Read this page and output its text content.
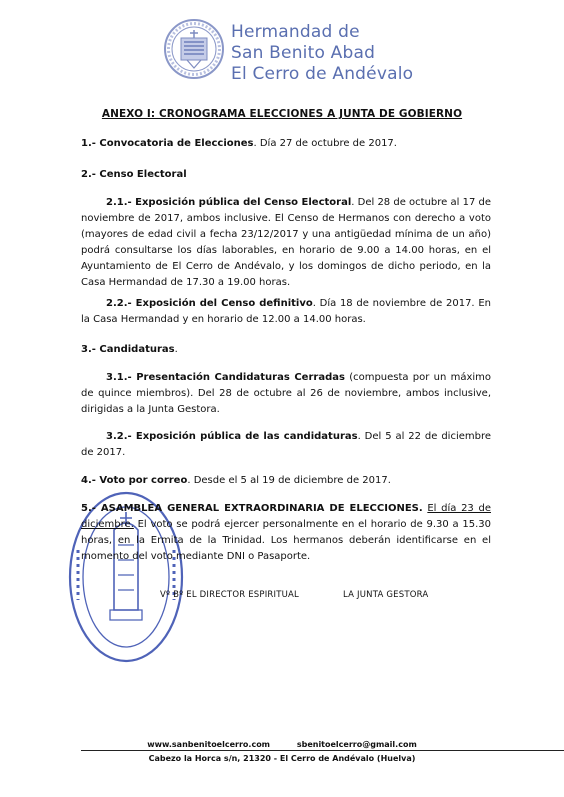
Hermandad de
San Benito Abad
El Cerro de Andévalo
ANEXO I: CRONOGRAMA ELECCIONES A JUNTA DE GOBIERNO
1.- Convocatoria de Elecciones. Día 27 de octubre de 2017.
2.- Censo Electoral
2.1.- Exposición pública del Censo Electoral. Del 28 de octubre al 17 de noviembre de 2017, ambos inclusive. El Censo de Hermanos con derecho a voto (mayores de edad civil a fecha 23/12/2017 y una antigüedad mínima de un año) podrá consultarse los días laborables, en horario de 9.00 a 14.00 horas, en el Ayuntamiento de El Cerro de Andévalo, y los domingos de dicho periodo, en la Casa Hermandad de 17.30 a 19.00 horas.
2.2.- Exposición del Censo definitivo. Día 18 de noviembre de 2017. En la Casa Hermandad y en horario de 12.00 a 14.00 horas.
3.- Candidaturas.
3.1.- Presentación Candidaturas Cerradas (compuesta por un máximo de quince miembros). Del 28 de octubre al 26 de noviembre, ambos inclusive, dirigidas a la Junta Gestora.
3.2.- Exposición pública de las candidaturas. Del 5 al 22 de diciembre de 2017.
4.- Voto por correo. Desde el 5 al 19 de diciembre de 2017.
5.- ASAMBLEA GENERAL EXTRAORDINARIA DE ELECCIONES. El día 23 de diciembre. El voto se podrá ejercer personalmente en el horario de 9.30 a 15.30 horas, en la Ermita de la Trinidad. Los hermanos deberán identificarse en el momento del voto mediante DNI o Pasaporte.
Vº Bº EL DIRECTOR ESPIRITUAL	LA JUNTA GESTORA
www.sanbenitoelcerro.com	sbenitoelcerro@gmail.com
Cabezo la Horca s/n, 21320 - El Cerro de Andévalo (Huelva)
